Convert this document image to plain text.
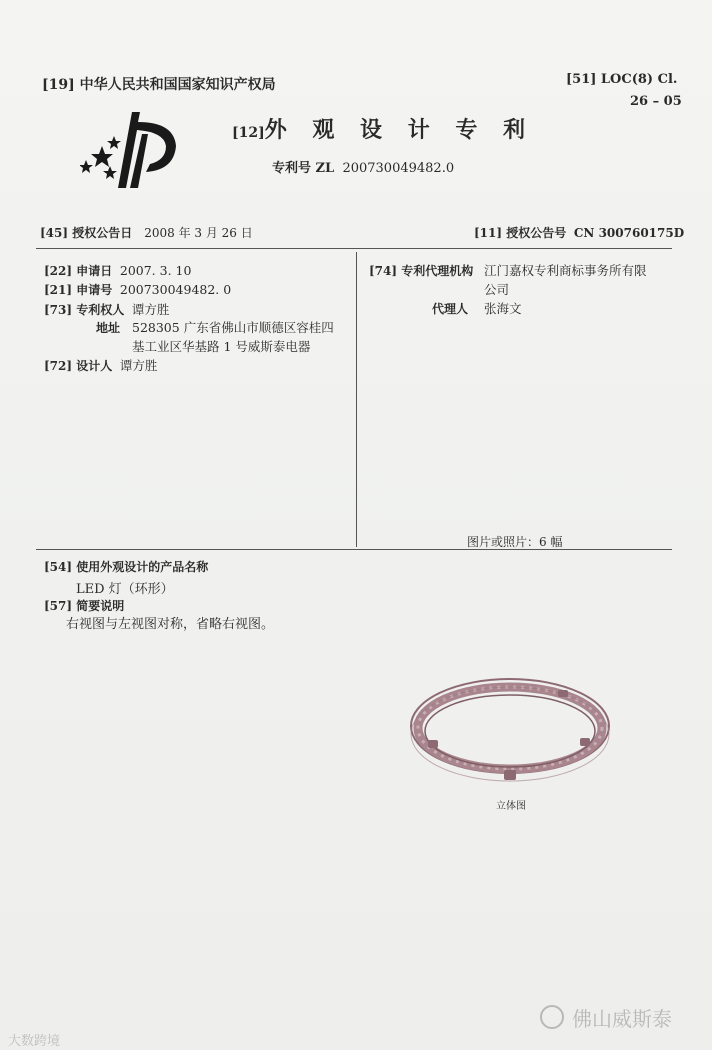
[19] 中华人民共和国国家知识产权局	[51] LOC(8) Cl.
26 – 05
[12]外 观 设 计 专 利
专利号 ZL 200730049482.0
[45] 授权公告日 2008 年 3 月 26 日	[11] 授权公告号 CN 300760175D
[22] 申请日 2007. 3. 10
[21] 申请号 200730049482. 0
[73] 专利权人 谭方胜
地址 528305 广东省佛山市顺德区容桂四
基工业区华基路 1 号威斯泰电器
[72] 设计人 谭方胜
[74] 专利代理机构 江门嘉权专利商标事务所有限
公司
代理人 张海文
图片或照片：6 幅
[54] 使用外观设计的产品名称
LED 灯（环形）
[57] 简要说明
右视图与左视图对称，省略右视图。
立体图
佛山威斯泰
大数跨境
